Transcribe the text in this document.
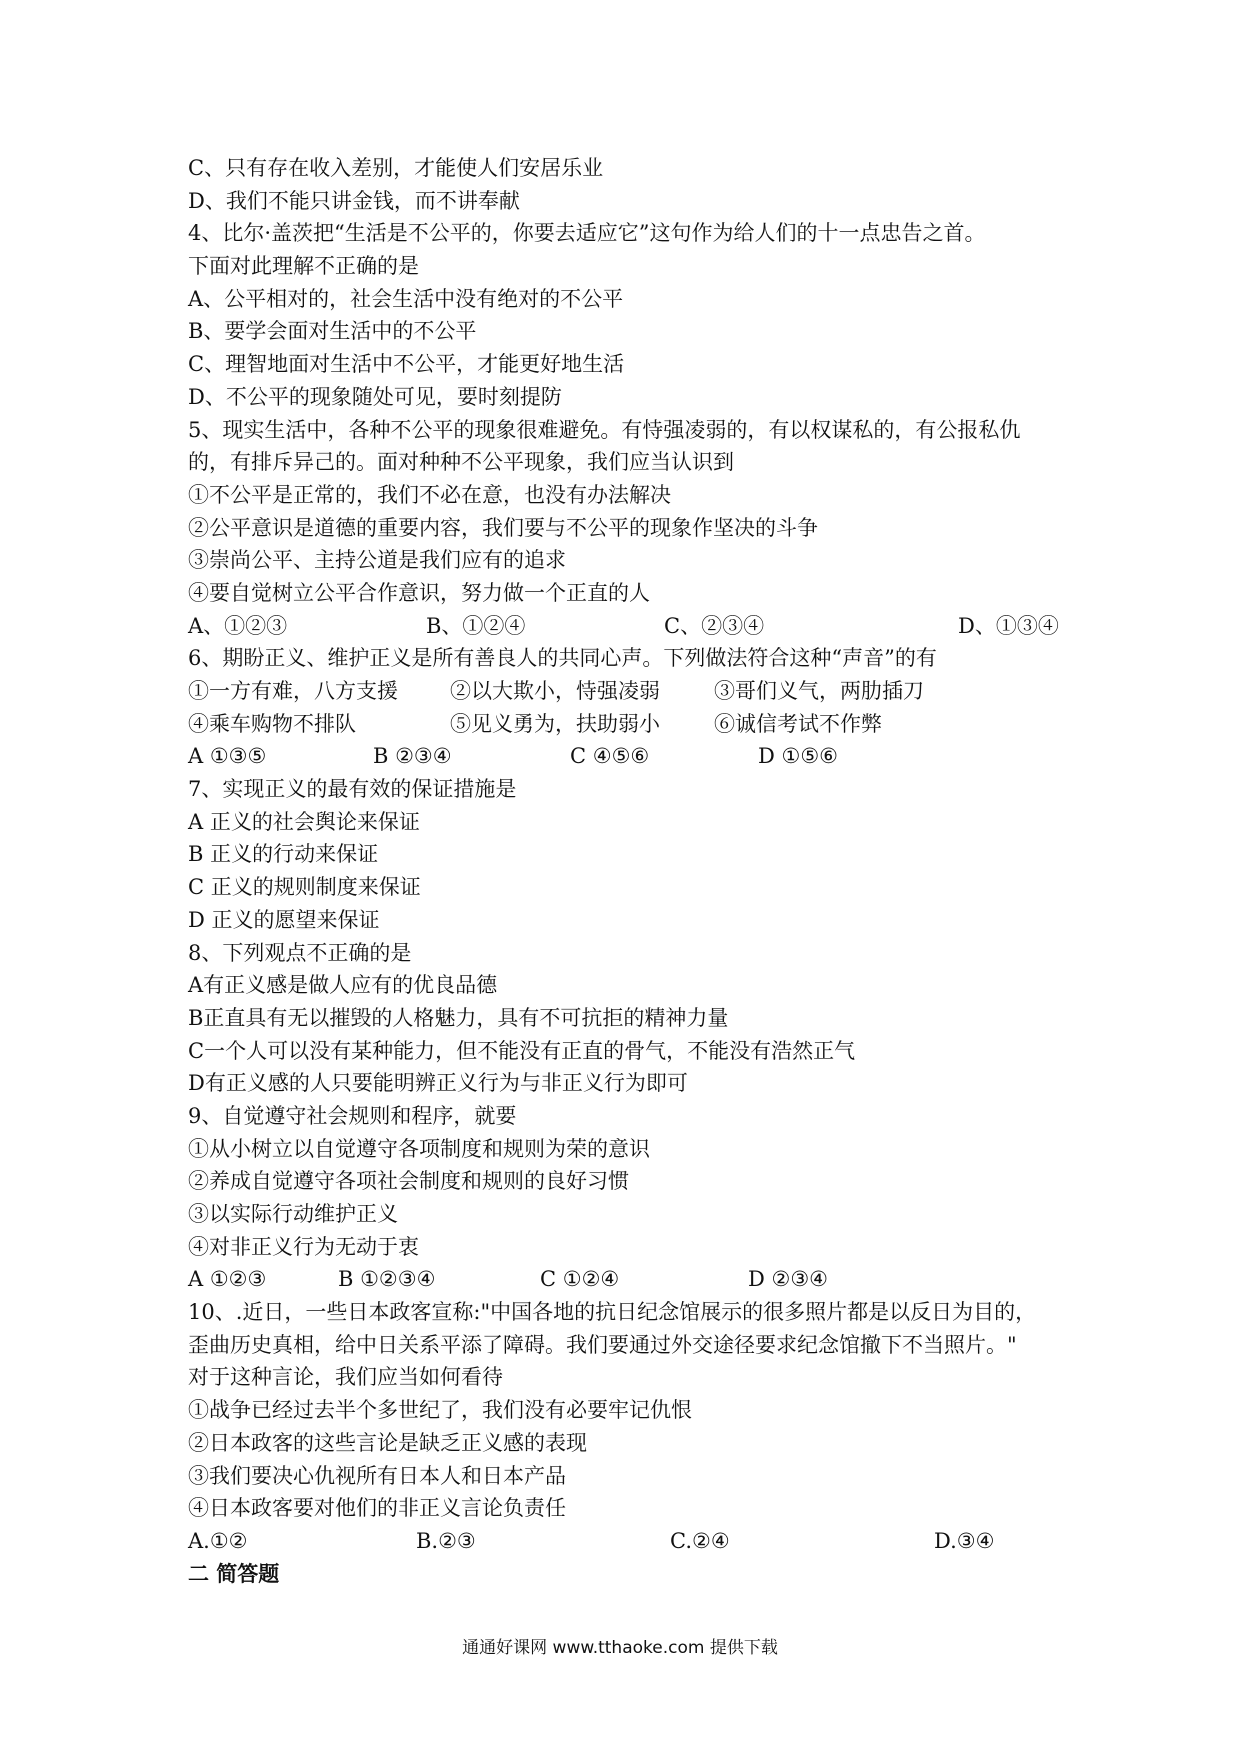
C、只有存在收入差别，才能使人们安居乐业
D、我们不能只讲金钱，而不讲奉献
4、比尔·盖茨把“生活是不公平的，你要去适应它”这句作为给人们的十一点忠告之首。
下面对此理解不正确的是
A、公平相对的，社会生活中没有绝对的不公平
B、要学会面对生活中的不公平
C、理智地面对生活中不公平，才能更好地生活
D、不公平的现象随处可见，要时刻提防
5、现实生活中，各种不公平的现象很难避免。有恃强凌弱的，有以权谋私的，有公报私仇
的，有排斥异己的。面对种种不公平现象，我们应当认识到
①不公平是正常的，我们不必在意，也没有办法解决
②公平意识是道德的重要内容，我们要与不公平的现象作坚决的斗争
③崇尚公平、主持公道是我们应有的追求
④要自觉树立公平合作意识，努力做一个正直的人
A、①②③	B、①②④	C、②③④	D、①③④
6、期盼正义、维护正义是所有善良人的共同心声。下列做法符合这种“声音”的有
①一方有难，八方支援 ②以大欺小，恃强凌弱	③哥们义气，两肋插刀
④乘车购物不排队	⑤见义勇为，扶助弱小	⑥诚信考试不作弊
A ①③⑤	B ②③④	C ④⑤⑥	D ①⑤⑥
7、实现正义的最有效的保证措施是
A 正义的社会舆论来保证
B 正义的行动来保证
C 正义的规则制度来保证
D 正义的愿望来保证
8、下列观点不正确的是
A有正义感是做人应有的优良品德
B正直具有无以摧毁的人格魅力，具有不可抗拒的精神力量
C一个人可以没有某种能力，但不能没有正直的骨气，不能没有浩然正气
D有正义感的人只要能明辨正义行为与非正义行为即可
9、自觉遵守社会规则和程序，就要
①从小树立以自觉遵守各项制度和规则为荣的意识
②养成自觉遵守各项社会制度和规则的良好习惯
③以实际行动维护正义
④对非正义行为无动于衷
A ①②③	B ①②③④	C ①②④	D ②③④
10、.近日，一些日本政客宣称:"中国各地的抗日纪念馆展示的很多照片都是以反日为目的，
歪曲历史真相，给中日关系平添了障碍。我们要通过外交途径要求纪念馆撤下不当照片。"
对于这种言论，我们应当如何看待
①战争已经过去半个多世纪了，我们没有必要牢记仇恨
②日本政客的这些言论是缺乏正义感的表现
③我们要决心仇视所有日本人和日本产品
④日本政客要对他们的非正义言论负责任
A.①②	B.②③	C.②④	D.③④
二 简答题
通通好课网 www.tthaoke.com 提供下载
